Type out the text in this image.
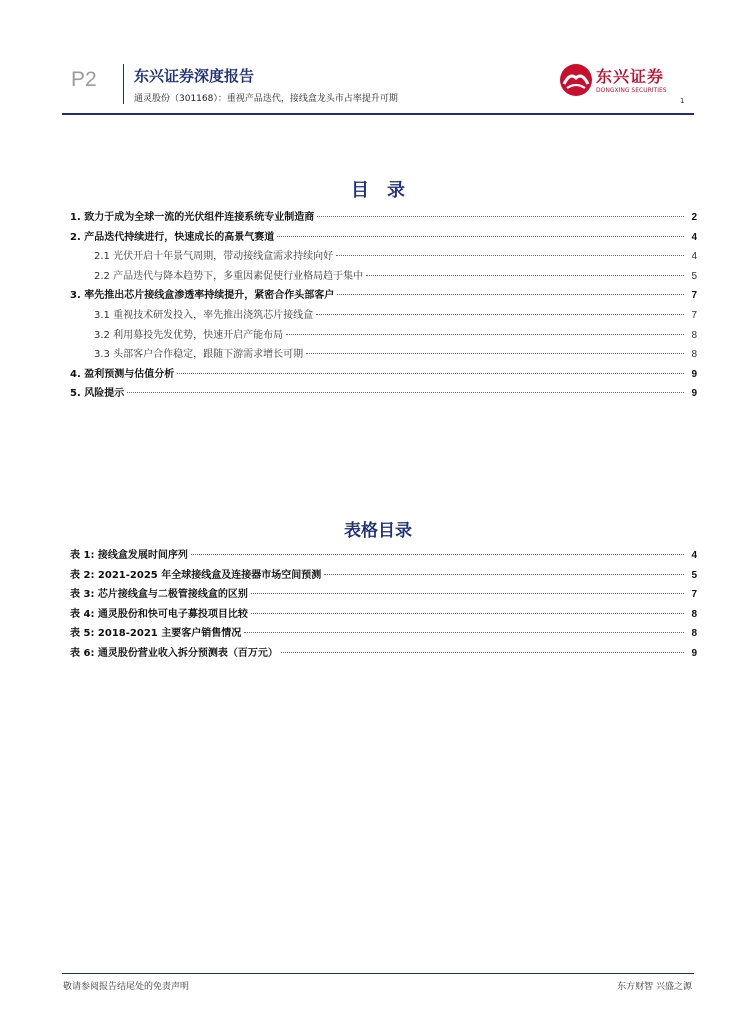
P2 东兴证券深度报告
通灵股份（301168）：重视产品迭代，接线盒龙头市占率提升可期
东兴证券
DONGXING SECURITIES
1
目　录
1. 致力于成为全球一流的光伏组件连接系统专业制造商	2
2. 产品迭代持续进行，快速成长的高景气赛道	4
2.1 光伏开启十年景气周期，带动接线盒需求持续向好	4
2.2 产品迭代与降本趋势下，多重因素促使行业格局趋于集中	5
3. 率先推出芯片接线盒渗透率持续提升，紧密合作头部客户	7
3.1 重视技术研发投入，率先推出浇筑芯片接线盒	7
3.2 利用募投先发优势，快速开启产能布局	8
3.3 头部客户合作稳定，跟随下游需求增长可期	8
4. 盈利预测与估值分析	9
5. 风险提示	9
表格目录
表 1: 接线盒发展时间序列	4
表 2: 2021-2025 年全球接线盒及连接器市场空间预测	5
表 3: 芯片接线盒与二极管接线盒的区别	7
表 4: 通灵股份和快可电子募投项目比较	8
表 5: 2018-2021 主要客户销售情况	8
表 6: 通灵股份营业收入拆分预测表（百万元）	9
敬请参阅报告结尾处的免责声明	东方财智 兴盛之源
